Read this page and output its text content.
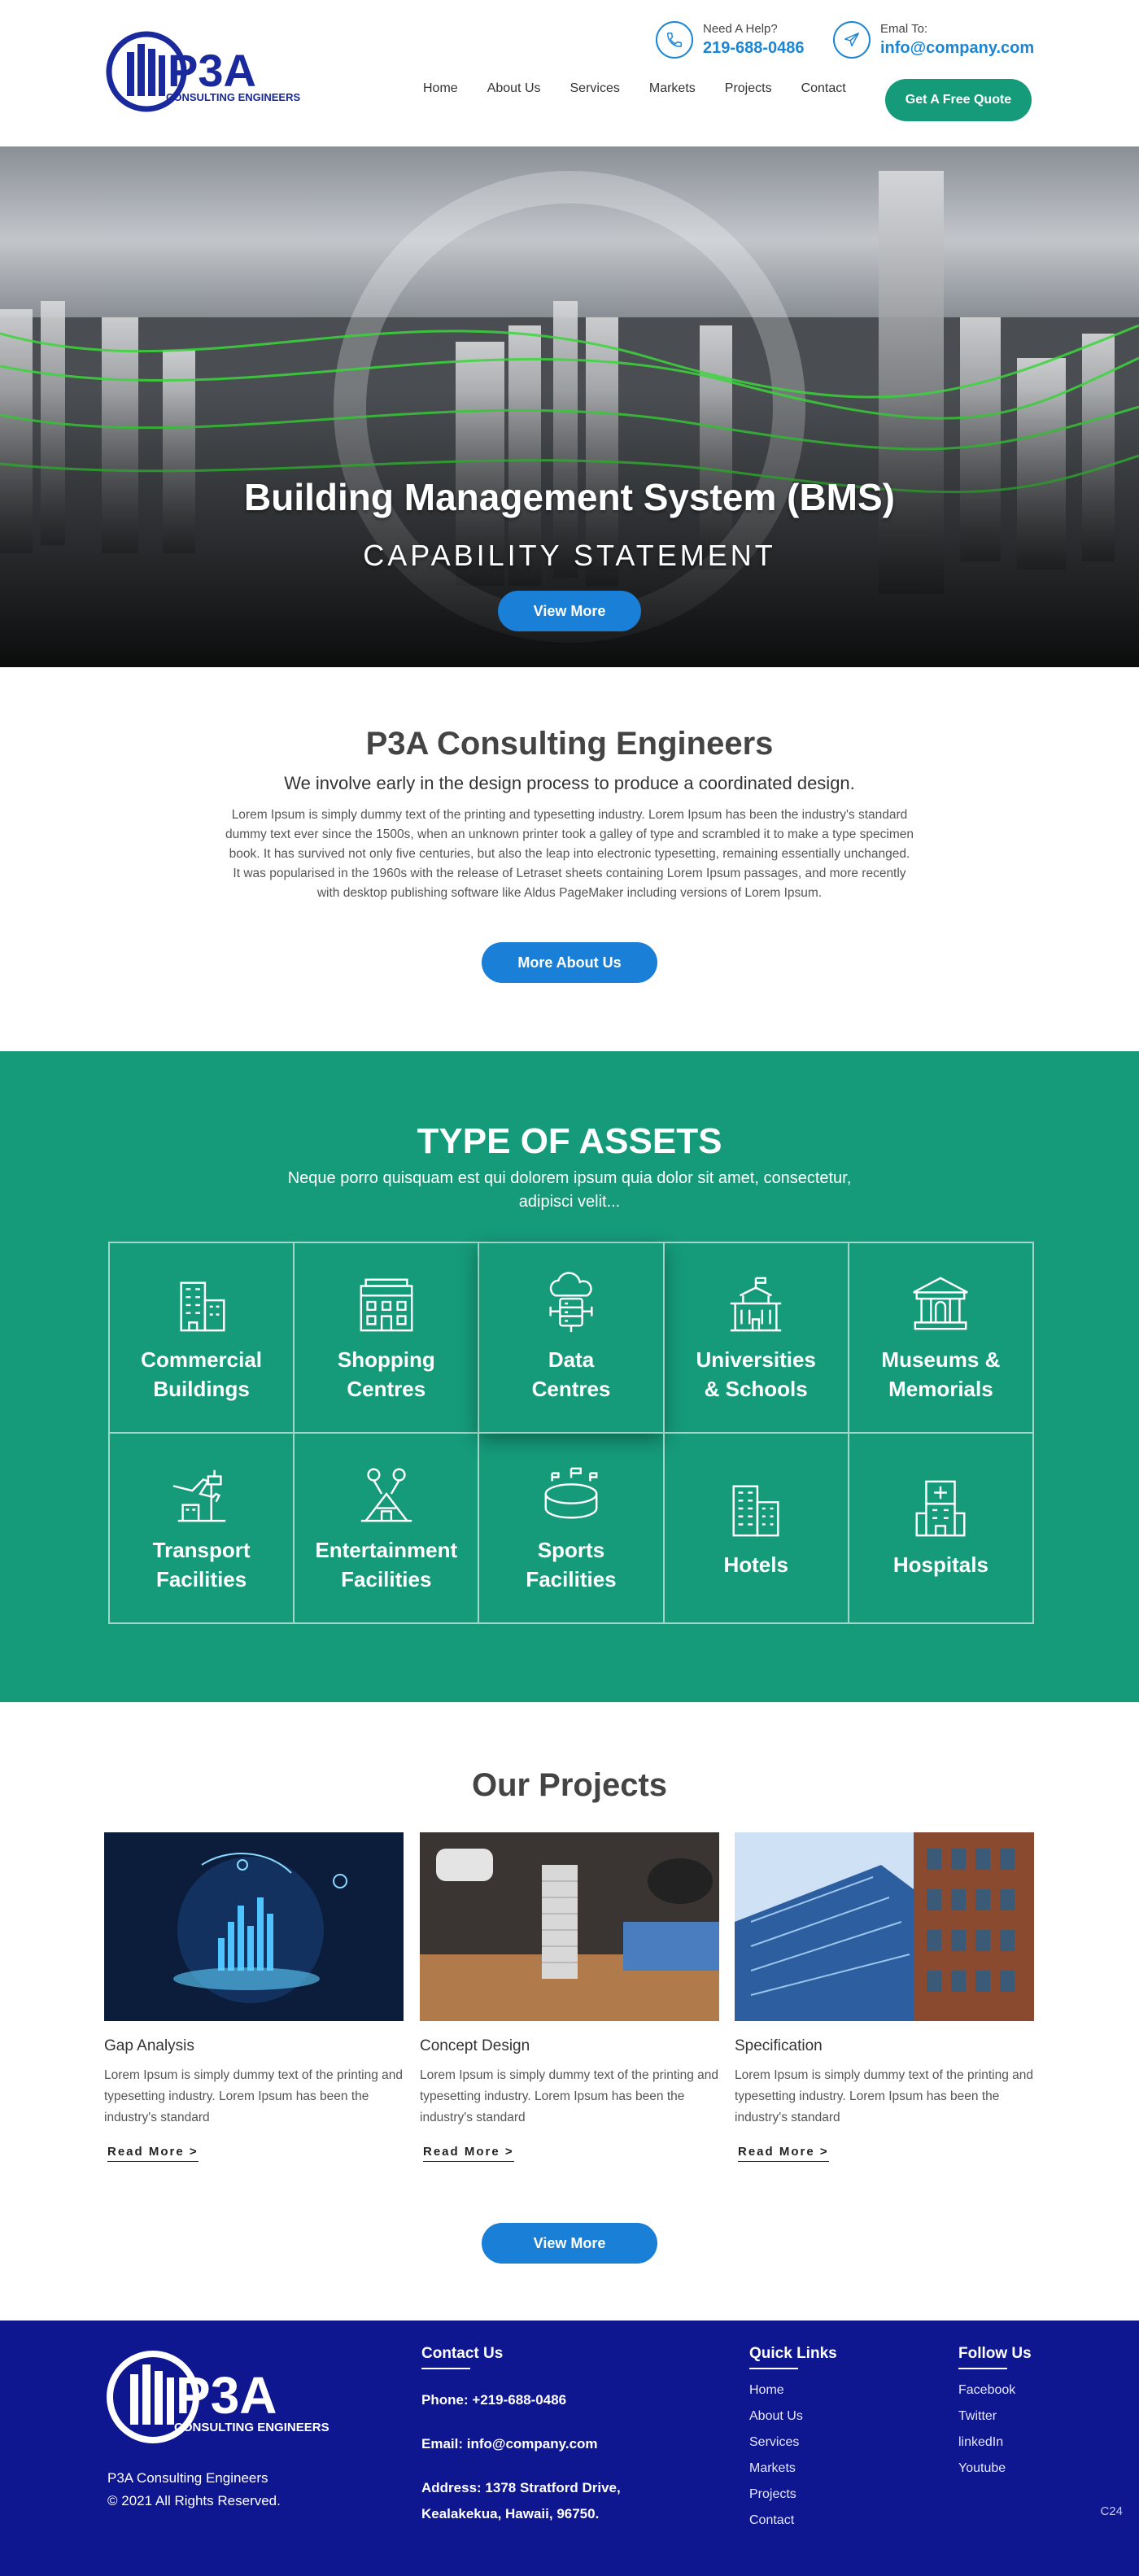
P3A
CONSULTING ENGINEERS
Need A Help?
219-688-0486
Emal To:
info@company.com
Home About Us Services Markets Projects Contact
Get A Free Quote
Building Management System (BMS)
CAPABILITY STATEMENT
View More
P3A Consulting Engineers
We involve early in the design process to produce a coordinated design.

Lorem Ipsum is simply dummy text of the printing and typesetting industry. Lorem Ipsum has been the industry's standard dummy text ever since the 1500s, when an unknown printer took a galley of type and scrambled it to make a type specimen book. It has survived not only five centuries, but also the leap into electronic typesetting, remaining essentially unchanged. It was popularised in the 1960s with the release of Letraset sheets containing Lorem Ipsum passages, and more recently with desktop publishing software like Aldus PageMaker including versions of Lorem Ipsum.

More About Us
TYPE OF ASSETS
Neque porro quisquam est qui dolorem ipsum quia dolor sit amet, consectetur, adipisci velit...
Commercial
Buildings
Shopping
Centres
Data
Centres
Universities
& Schools
Museums &
Memorials
Transport
Facilities
Entertainment
Facilities
Sports
Facilities
Hotels	Hospitals
Our Projects
Gap Analysis

Lorem Ipsum is simply dummy text of the printing and typesetting industry. Lorem Ipsum has been the industry's standard

Read More >
Concept Design

Lorem Ipsum is simply dummy text of the printing and typesetting industry. Lorem Ipsum has been the industry's standard

Read More >
Specification

Lorem Ipsum is simply dummy text of the printing and typesetting industry. Lorem Ipsum has been the industry's standard

Read More >
View More
P3A
CONSULTING ENGINEERS
P3A Consulting Engineers
© 2021 All Rights Reserved.
Contact Us
Phone: +219-688-0486
Email: info@company.com
Address: 1378 Stratford Drive, Kealakekua, Hawaii, 96750.
Quick Links
Home
About Us
Services
Markets
Projects
Contact
Follow Us
Facebook
Twitter
linkedIn
Youtube
C24
